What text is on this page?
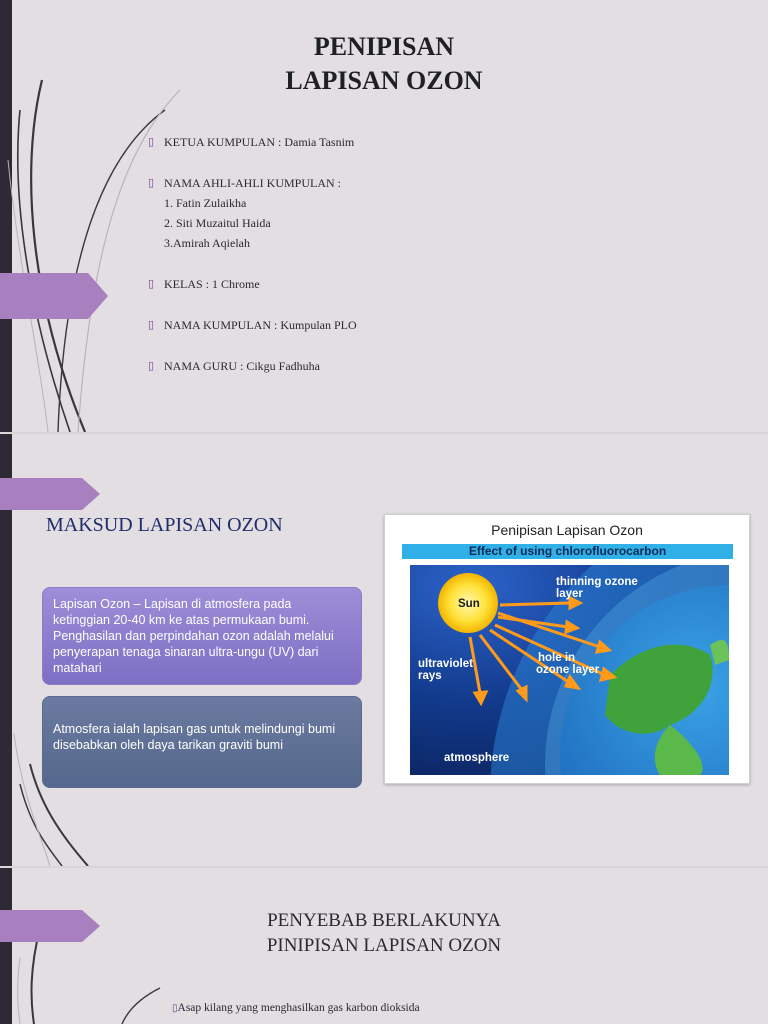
PENIPISAN
LAPISAN OZON

▯ KETUA KUMPULAN : Damia Tasnim

▯ NAMA AHLI-AHLI KUMPULAN :

1. Fatin Zulaikha

2. Siti Muzaitul Haida

3.Amirah Aqielah

▯ KELAS : 1 Chrome

▯ NAMA KUMPULAN : Kumpulan PLO

▯ NAMA GURU : Cikgu Fadhuha

MAKSUD LAPISAN OZON
Lapisan Ozon – Lapisan di atmosfera pada ketinggian 20-40 km ke atas permukaan bumi. Penghasilan dan perpindahan ozon adalah melalui penyerapan tenaga sinaran ultra-ungu (UV) dari matahari
Atmosfera ialah lapisan gas untuk melindungi bumi disebabkan oleh daya tarikan graviti bumi
Penipisan Lapisan Ozon
Effect of using chlorofluorocarbon
Sun
thinning ozone
layer
ultraviolet
rays
hole in
ozone layer
atmosphere
PENYEBAB BERLAKUNYA
PINIPISAN LAPISAN OZON
▯Asap kilang yang menghasilkan gas karbon dioksida
